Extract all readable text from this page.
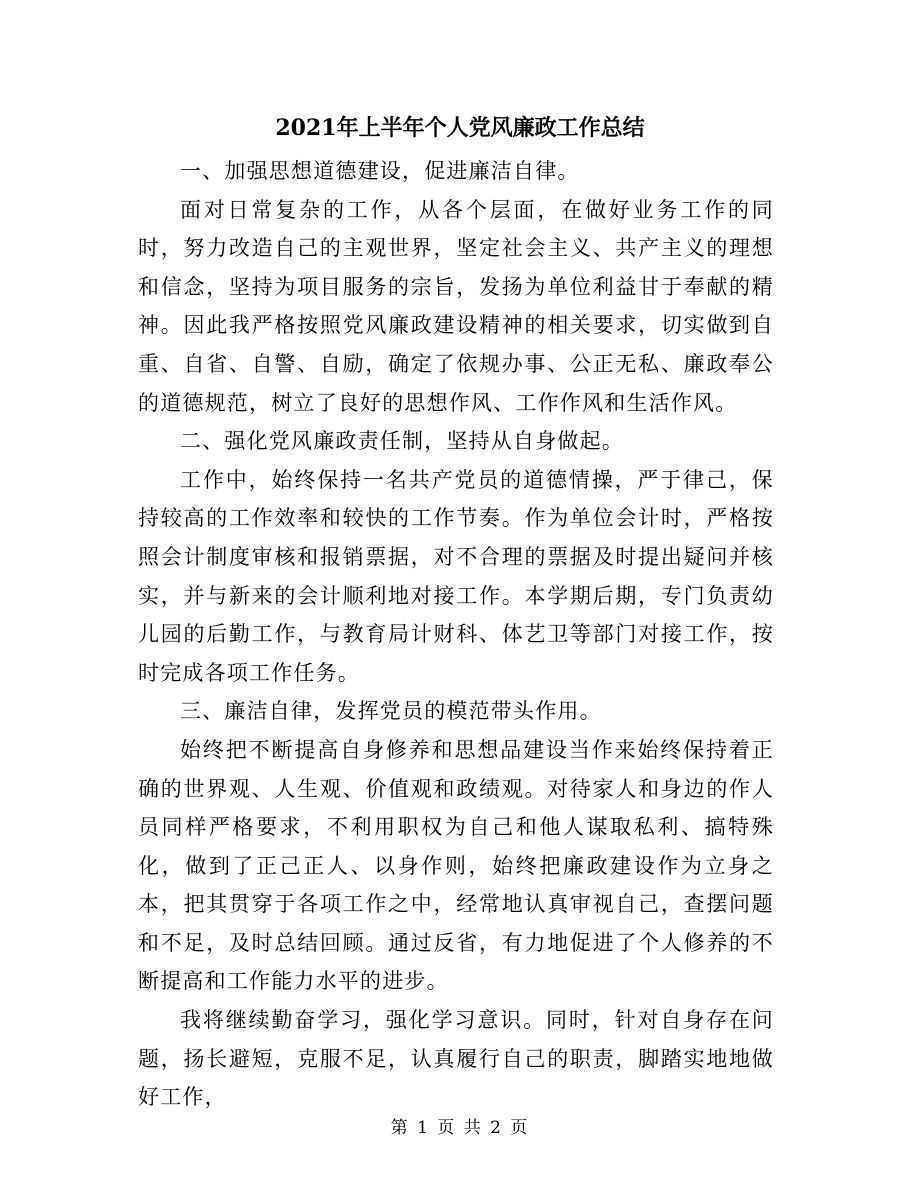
2021年上半年个人党风廉政工作总结

一、加强思想道德建设，促进廉洁自律。

面对日常复杂的工作，从各个层面，在做好业务工作的同时，努力改造自己的主观世界，坚定社会主义、共产主义的理想和信念，坚持为项目服务的宗旨，发扬为单位利益甘于奉献的精神。因此我严格按照党风廉政建设精神的相关要求，切实做到自重、自省、自警、自励，确定了依规办事、公正无私、廉政奉公的道德规范，树立了良好的思想作风、工作作风和生活作风。

二、强化党风廉政责任制，坚持从自身做起。

工作中，始终保持一名共产党员的道德情操，严于律己，保持较高的工作效率和较快的工作节奏。作为单位会计时，严格按照会计制度审核和报销票据，对不合理的票据及时提出疑问并核实，并与新来的会计顺利地对接工作。本学期后期，专门负责幼儿园的后勤工作，与教育局计财科、体艺卫等部门对接工作，按时完成各项工作任务。

三、廉洁自律，发挥党员的模范带头作用。

始终把不断提高自身修养和思想品建设当作来始终保持着正确的世界观、人生观、价值观和政绩观。对待家人和身边的作人员同样严格要求，不利用职权为自己和他人谋取私利、搞特殊化，做到了正己正人、以身作则，始终把廉政建设作为立身之本，把其贯穿于各项工作之中，经常地认真审视自己，查摆问题和不足，及时总结回顾。通过反省，有力地促进了个人修养的不断提高和工作能力水平的进步。

我将继续勤奋学习，强化学习意识。同时，针对自身存在问题，扬长避短，克服不足，认真履行自己的职责，脚踏实地地做好工作，

第 1 页 共 2 页
